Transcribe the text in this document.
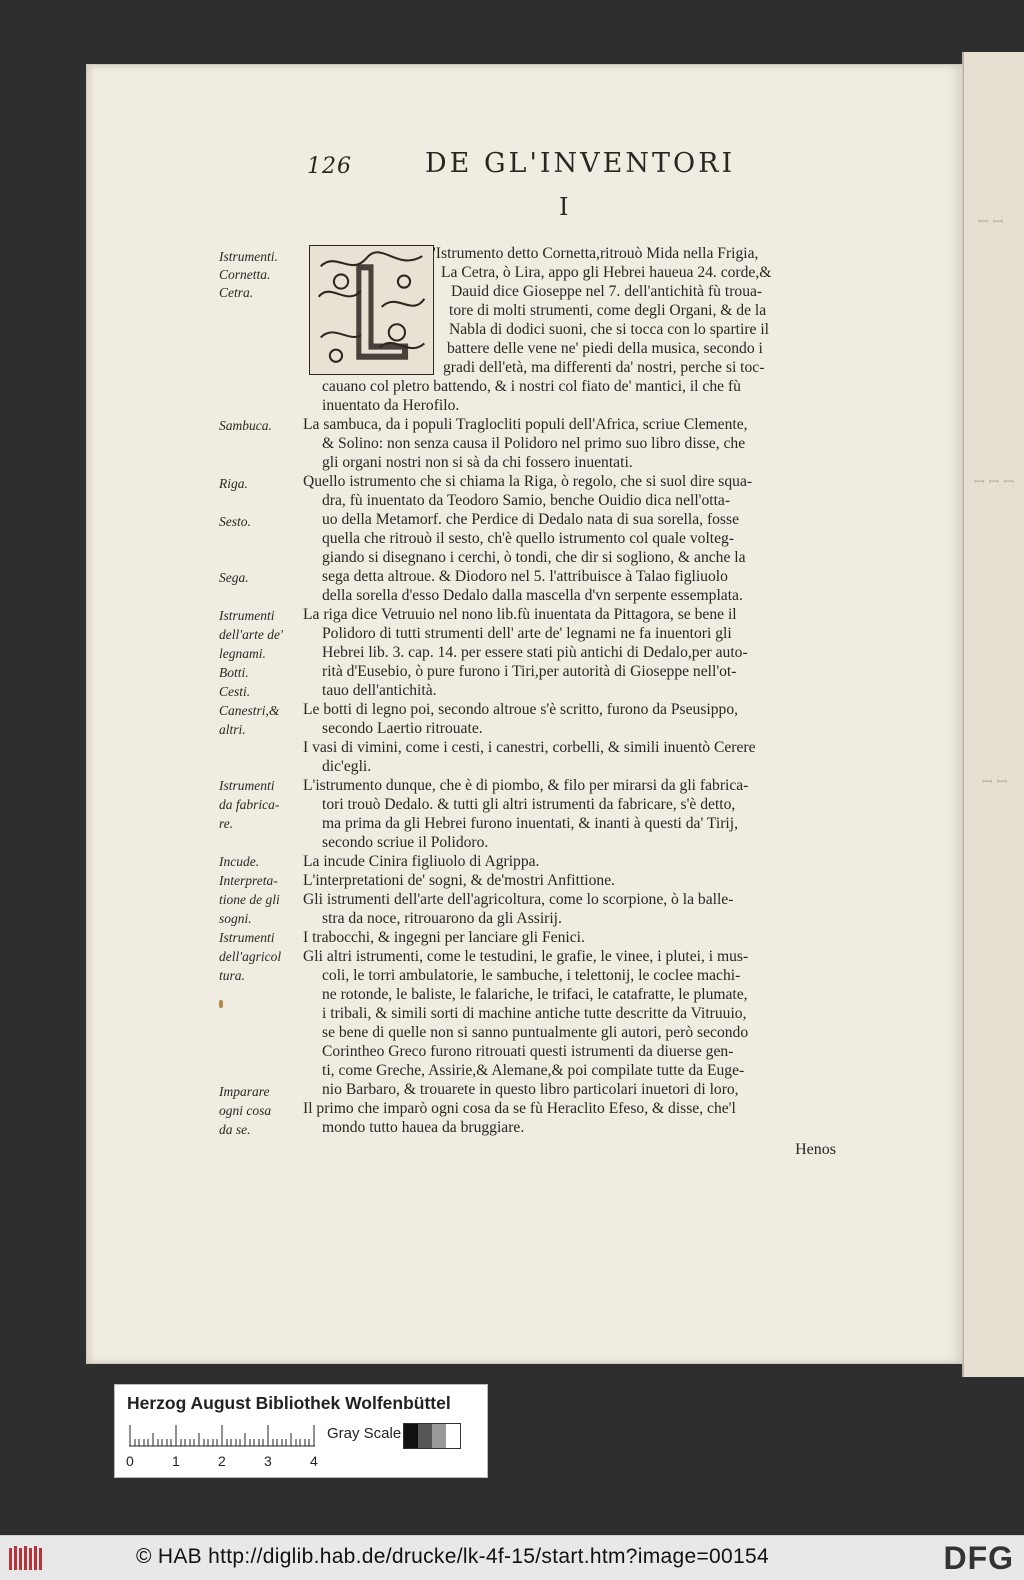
ꟷ ꟷ
ꟷ ꟷ ꟷ
ꟷ ꟷ
126	DE GL'INVENTORI
I
Istrumenti.
Cornetta.
Cetra.
Sambuca.
Riga.
Sesto.
Sega.
Istrumenti
dell'arte de'
legnami.
Botti.
Cesti.
Canestri,&
altri.
Istrumenti
da fabrica-
re.
Incude.
Interpreta-
tione de gli
sogni.
Istrumenti
dell'agricol
tura.
Imparare
ogni cosa
da se.
'Istrumento detto Cornetta,ritrouò Mida nella Frigia,
La Cetra, ò Lira, appo gli Hebrei haueua 24. corde,&
Dauid dice Gioseppe nel 7. dell'antichità fù troua-
tore di molti strumenti, come degli Organi, & de la
Nabla di dodici suoni, che si tocca con lo spartire il
battere delle vene ne' piedi della musica, secondo i
gradi dell'età, ma differenti da' nostri, perche si toc-
cauano col pletro battendo, & i nostri col fiato de' mantici, il che fù
inuentato da Herofilo.
La sambuca, da i populi Traglocliti populi dell'Africa, scriue Clemente,
& Solino: non senza causa il Polidoro nel primo suo libro disse, che
gli organi nostri non si sà da chi fossero inuentati.
Quello istrumento che si chiama la Riga, ò regolo, che si suol dire squa-
dra, fù inuentato da Teodoro Samio, benche Ouidio dica nell'otta-
uo della Metamorf. che Perdice di Dedalo nata di sua sorella, fosse
quella che ritrouò il sesto, ch'è quello istrumento col quale volteg-
giando si disegnano i cerchi, ò tondi, che dir si sogliono, & anche la
sega detta altroue. & Diodoro nel 5. l'attribuisce à Talao figliuolo
della sorella d'esso Dedalo dalla mascella d'vn serpente essemplata.
La riga dice Vetruuio nel nono lib.fù inuentata da Pittagora, se bene il
Polidoro di tutti strumenti dell' arte de' legnami ne fa inuentori gli
Hebrei lib. 3. cap. 14. per essere stati più antichi di Dedalo,per auto-
rità d'Eusebio, ò pure furono i Tiri,per autorità di Gioseppe nell'ot-
tauo dell'antichità.
Le botti di legno poi, secondo altroue s'è scritto, furono da Pseusippo,
secondo Laertio ritrouate.
I vasi di vimini, come i cesti, i canestri, corbelli, & simili inuentò Cerere
dic'egli.
L'istrumento dunque, che è di piombo, & filo per mirarsi da gli fabrica-
tori trouò Dedalo. & tutti gli altri istrumenti da fabricare, s'è detto,
ma prima da gli Hebrei furono inuentati, & inanti à questi da' Tirij,
secondo scriue il Polidoro.
La incude Cinira figliuolo di Agrippa.
L'interpretationi de' sogni, & de'mostri Anfittione.
Gli istrumenti dell'arte dell'agricoltura, come lo scorpione, ò la balle-
stra da noce, ritrouarono da gli Assirij.
I trabocchi, & ingegni per lanciare gli Fenici.
Gli altri istrumenti, come le testudini, le grafie, le vinee, i plutei, i mus-
coli, le torri ambulatorie, le sambuche, i telettonij, le coclee machi-
ne rotonde, le baliste, le falariche, le trifaci, le catafratte, le plumate,
i tribali, & simili sorti di machine antiche tutte descritte da Vitruuio,
se bene di quelle non si sanno puntualmente gli autori, però secondo
Corintheo Greco furono ritrouati questi istrumenti da diuerse gen-
ti, come Greche, Assirie,& Alemane,& poi compilate tutte da Euge-
nio Barbaro, & trouarete in questo libro particolari inuetori di loro,
Il primo che imparò ogni cosa da se fù Heraclito Efeso, & disse, che'l
mondo tutto hauea da bruggiare.
Henos
Herzog August Bibliothek Wolfenbüttel
Gray Scale
0	1	2	3	4
© HAB http://diglib.hab.de/drucke/lk-4f-15/start.htm?image=00154	DFG
